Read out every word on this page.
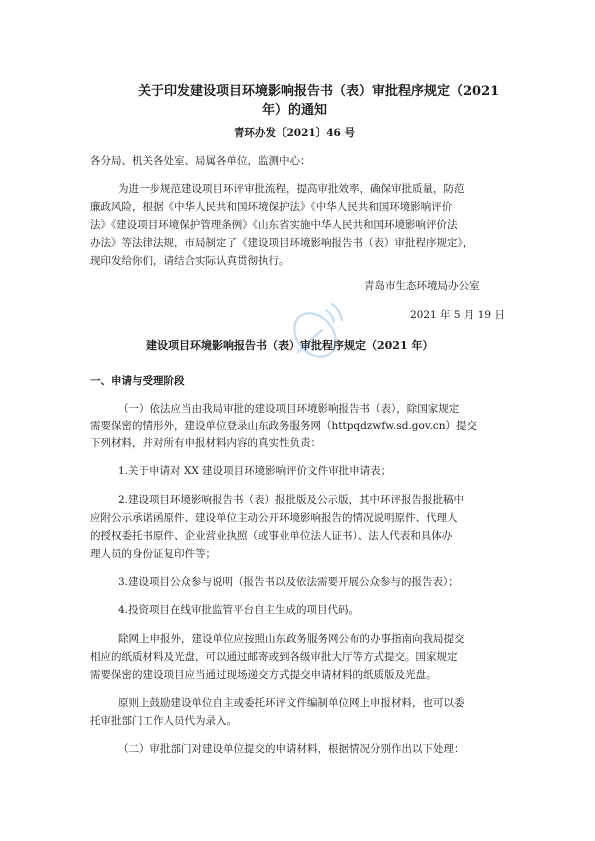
关于印发建设项目环境影响报告书（表）审批程序规定（2021
年）的通知
青环办发〔2021〕46 号
各分局、机关各处室、局属各单位，监测中心：
为进一步规范建设项目环评审批流程，提高审批效率，确保审批质量，防范
廉政风险，根据《中华人民共和国环境保护法》《中华人民共和国环境影响评价
法》《建设项目环境保护管理条例》《山东省实施中华人民共和国环境影响评价法
办法》等法律法规，市局制定了《建设项目环境影响报告书（表）审批程序规定》，
现印发给你们，请结合实际认真贯彻执行。
青岛市生态环境局办公室
2021 年 5 月 19 日
建设项目环境影响报告书（表）审批程序规定（2021 年）
一、申请与受理阶段
（一）依法应当由我局审批的建设项目环境影响报告书（表），除国家规定
需要保密的情形外，建设单位登录山东政务服务网（httpqdzwfw.sd.gov.cn）提交
下列材料，并对所有申报材料内容的真实性负责：
1.关于申请对 XX 建设项目环境影响评价文件审批申请表；
2.建设项目环境影响报告书（表）报批版及公示版，其中环评报告报批稿中
应附公示承诺函原件、建设单位主动公开环境影响报告的情况说明原件、代理人
的授权委托书原件、企业营业执照（或事业单位法人证书）、法人代表和具体办
理人员的身份证复印件等；
3.建设项目公众参与说明（报告书以及依法需要开展公众参与的报告表）；
4.投资项目在线审批监管平台自主生成的项目代码。
除网上申报外，建设单位应按照山东政务服务网公布的办事指南向我局提交
相应的纸质材料及光盘，可以通过邮寄或到各级审批大厅等方式提交。国家规定
需要保密的建设项目应当通过现场递交方式提交申请材料的纸质版及光盘。
原则上鼓励建设单位自主或委托环评文件编制单位网上申报材料，也可以委
托审批部门工作人员代为录入。
（二）审批部门对建设单位提交的申请材料，根据情况分别作出以下处理：
